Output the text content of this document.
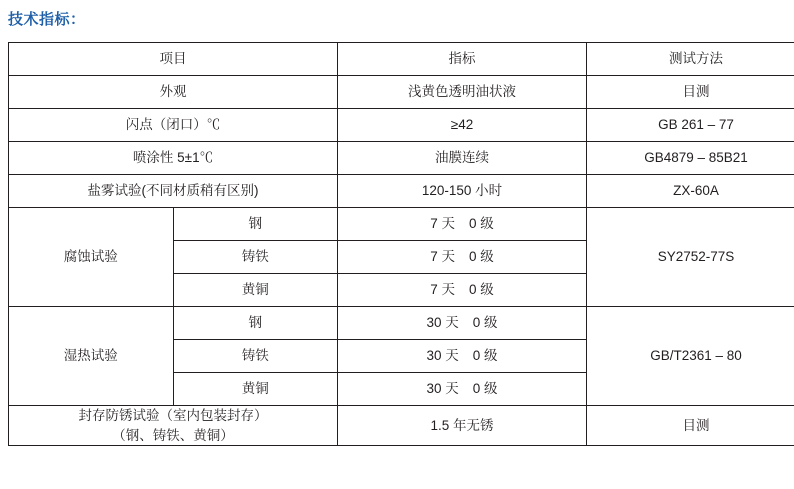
技术指标：
项目		指标	测试方法
外观		浅黄色透明油状液	目测
闪点（闭口）℃		≥42	GB 261 – 77
喷涂性 5±1℃		油膜连续	GB4879 – 85B21
盐雾试验(不同材质稍有区别)		120-150 小时	ZX-60A
腐蚀试验	钢	7 天 0 级	SY2752-77S
	铸铁	7 天 0 级	
	黄铜	7 天 0 级	
湿热试验	钢	30 天 0 级	GB/T2361 – 80
	铸铁	30 天 0 级	
	黄铜	30 天 0 级	

封存防锈试验（室内包装封存）
（钢、铸铁、黄铜）		1.5 年无锈	目测
